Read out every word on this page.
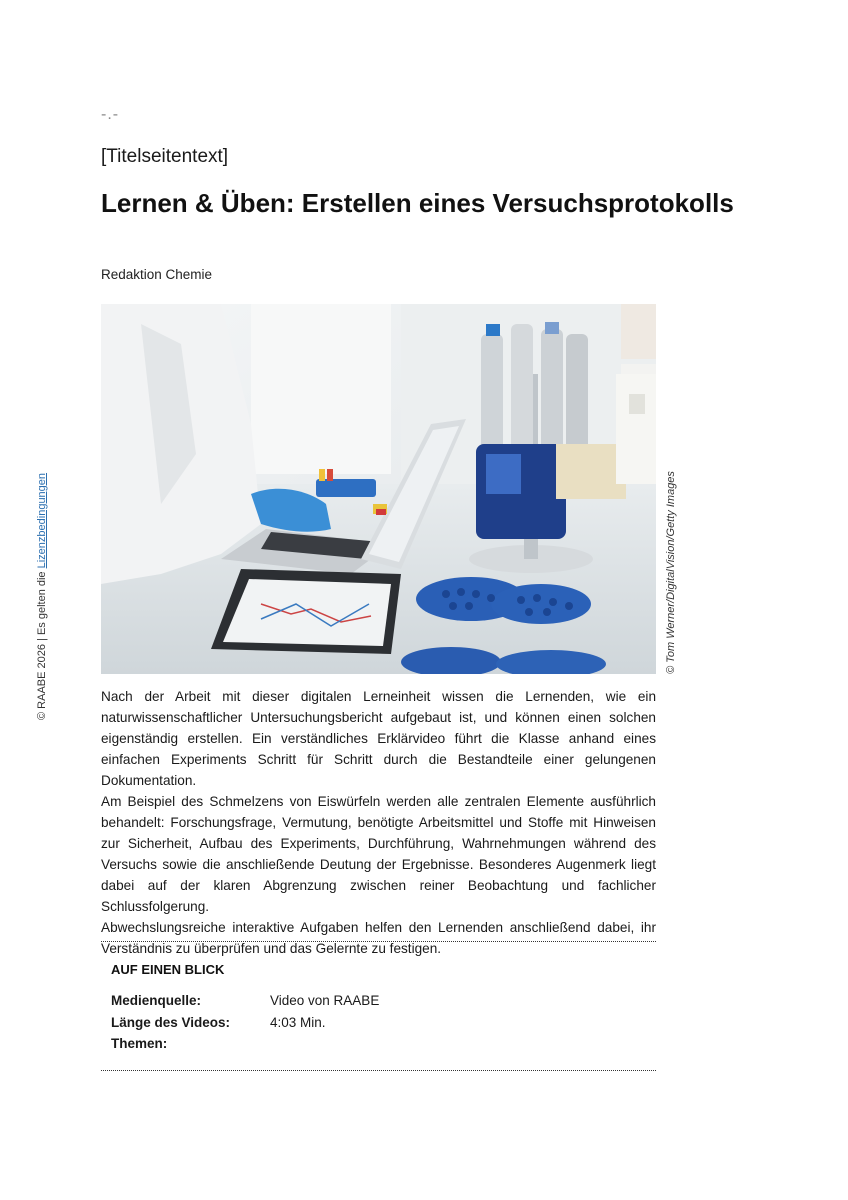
-.-
[Titelseitentext]
Lernen & Üben: Erstellen eines Versuchsprotokolls
Redaktion Chemie
© Tom Werner/DigitalVision/Getty Images
© RAABE 2026 | Es gelten die Lizenzbedingungen

Nach der Arbeit mit dieser digitalen Lerneinheit wissen die Lernenden, wie ein naturwissenschaftlicher Untersuchungsbericht aufgebaut ist, und können einen solchen eigenständig erstellen. Ein verständliches Erklärvideo führt die Klasse anhand eines einfachen Experiments Schritt für Schritt durch die Bestandteile einer gelungenen Dokumentation.

Am Beispiel des Schmelzens von Eiswürfeln werden alle zentralen Elemente ausführlich behandelt: Forschungsfrage, Vermutung, benötigte Arbeitsmittel und Stoffe mit Hinweisen zur Sicherheit, Aufbau des Experiments, Durchführung, Wahrnehmungen während des Versuchs sowie die anschließende Deutung der Ergebnisse. Besonderes Augenmerk liegt dabei auf der klaren Abgrenzung zwischen reiner Beobachtung und fachlicher Schlussfolgerung.

Abwechslungsreiche interaktive Aufgaben helfen den Lernenden anschließend dabei, ihr Verständnis zu überprüfen und das Gelernte zu festigen.

AUF EINEN BLICK
Medienquelle:	Video von RAABE
Länge des Videos:	4:03 Min.
Themen:
